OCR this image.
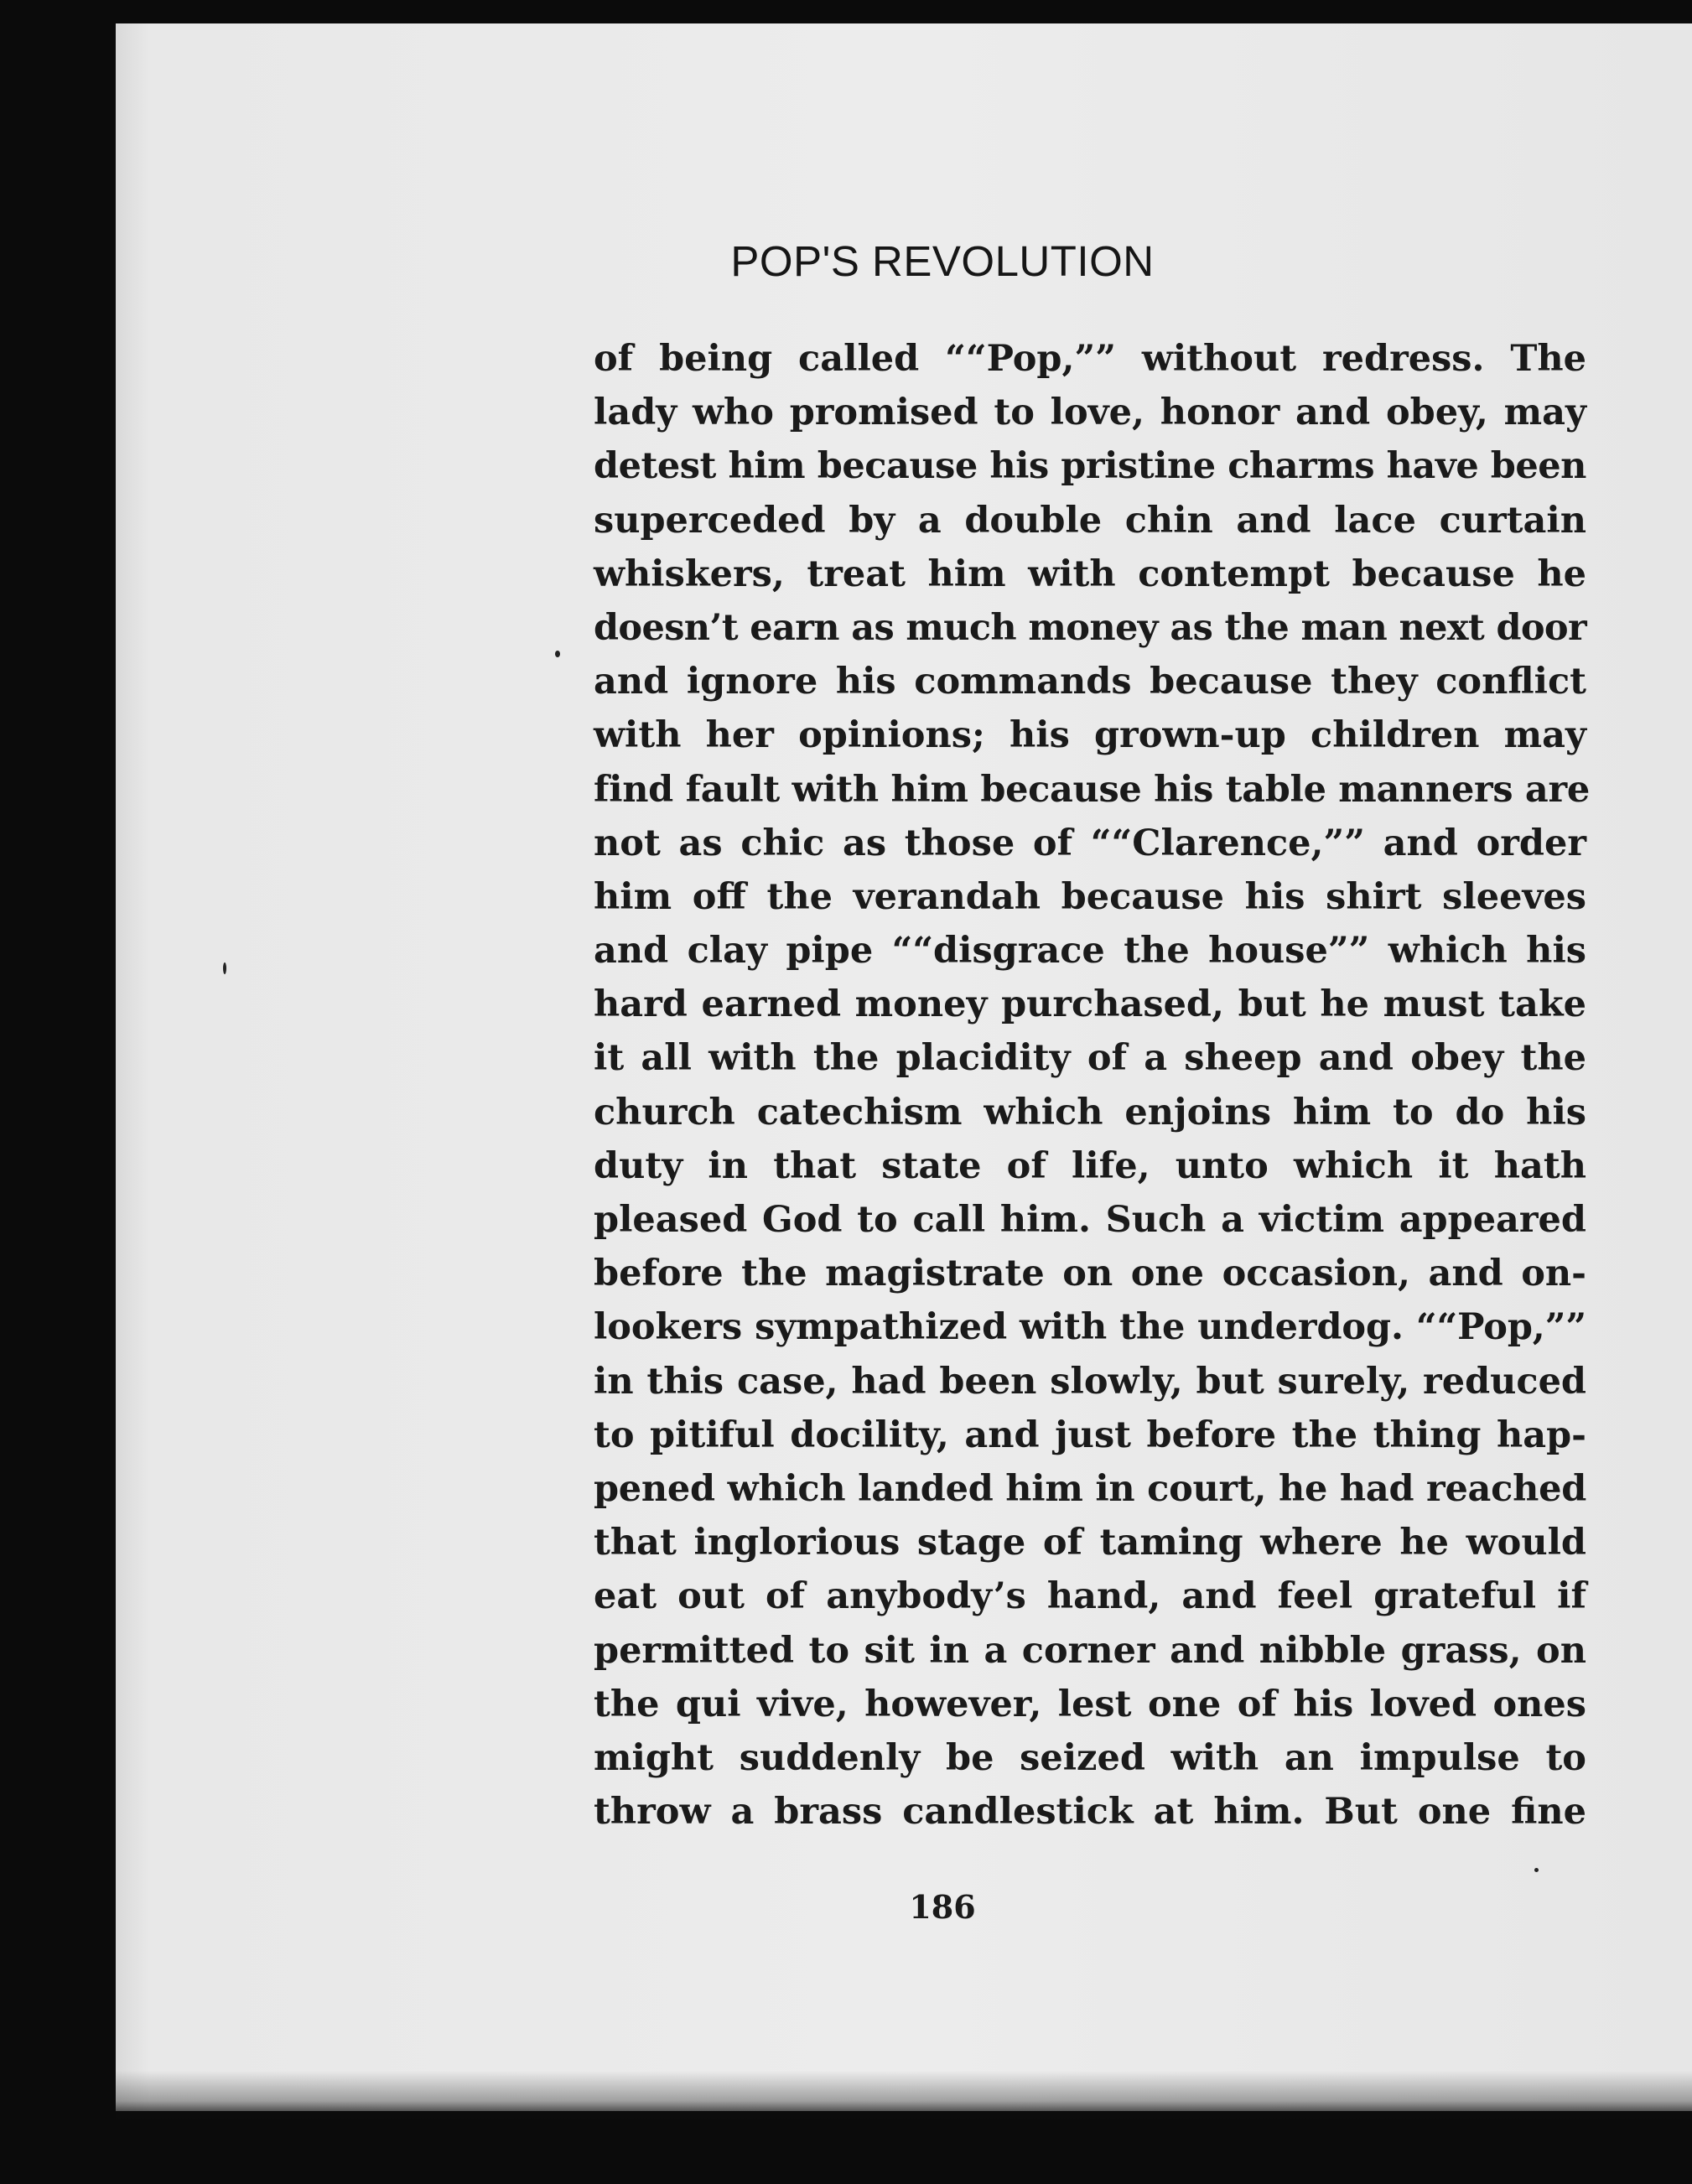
POP'S REVOLUTION
of being called ““Pop,”” without redress. The
lady who promised to love, honor and obey, may
detest him because his pristine charms have been
superceded by a double chin and lace curtain
whiskers, treat him with contempt because he
doesn’t earn as much money as the man next door
and ignore his commands because they conflict
with her opinions; his grown-up children may
find fault with him because his table manners are
not as chic as those of ““Clarence,”” and order
him off the verandah because his shirt sleeves
and clay pipe ““disgrace the house”” which his
hard earned money purchased, but he must take
it all with the placidity of a sheep and obey the
church catechism which enjoins him to do his
duty in that state of life, unto which it hath
pleased God to call him. Such a victim appeared
before the magistrate on one occasion, and on-
lookers sympathized with the underdog. ““Pop,””
in this case, had been slowly, but surely, reduced
to pitiful docility, and just before the thing hap-
pened which landed him in court, he had reached
that inglorious stage of taming where he would
eat out of anybody’s hand, and feel grateful if
permitted to sit in a corner and nibble grass, on
the qui vive, however, lest one of his loved ones
might suddenly be seized with an impulse to
throw a brass candlestick at him. But one fine
186
